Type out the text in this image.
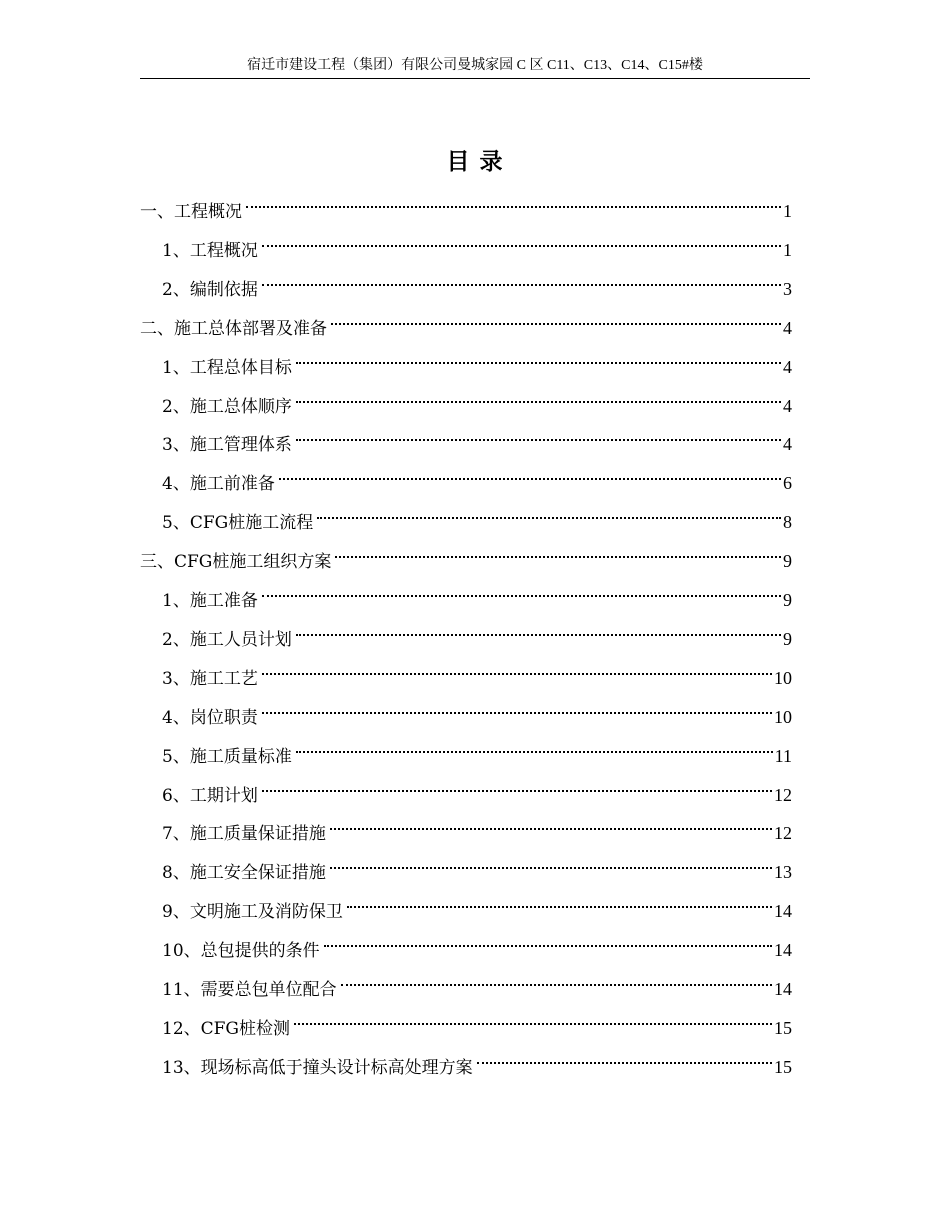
宿迁市建设工程（集团）有限公司曼城家园 C 区 C11、C13、C14、C15#楼
目 录
一、工程概况	1
1、工程概况	1
2、编制依据	3
二、施工总体部署及准备	4
1、工程总体目标	4
2、施工总体顺序	4
3、施工管理体系	4
4、施工前准备	6
5、CFG桩施工流程	8
三、CFG桩施工组织方案	9
1、施工准备	9
2、施工人员计划	9
3、施工工艺	10
4、岗位职责	10
5、施工质量标准	11
6、工期计划	12
7、施工质量保证措施	12
8、施工安全保证措施	13
9、文明施工及消防保卫	14
10、总包提供的条件	14
11、需要总包单位配合	14
12、CFG桩检测	15
13、现场标高低于撞头设计标高处理方案	15
